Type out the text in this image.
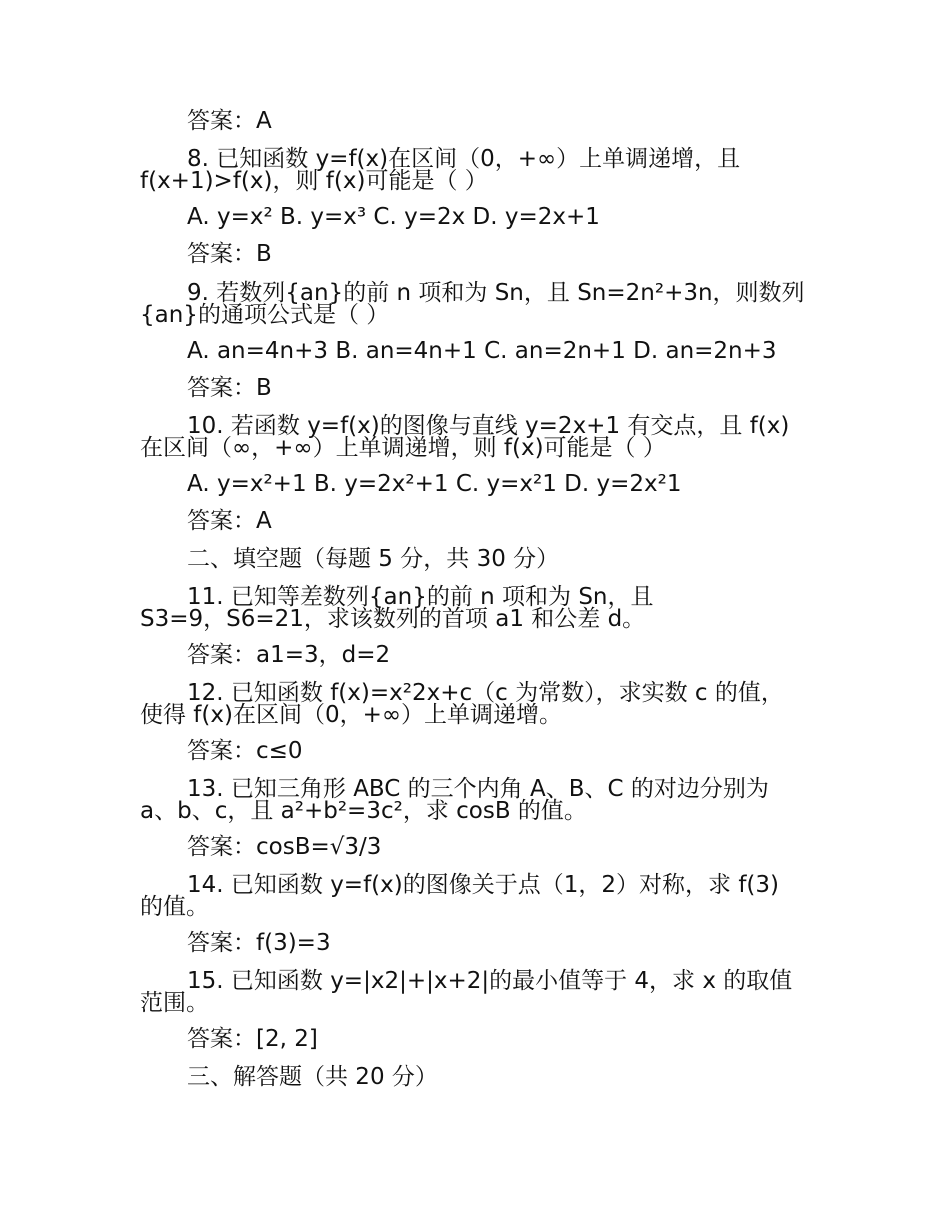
答案：A
8. 已知函数 y=f(x)在区间（0，+∞）上单调递增，且
f(x+1)>f(x)，则 f(x)可能是（ ）
A. y=x² B. y=x³ C. y=2x D. y=2x+1
答案：B
9. 若数列{an}的前 n 项和为 Sn，且 Sn=2n²+3n，则数列
{an}的通项公式是（ ）
A. an=4n+3 B. an=4n+1 C. an=2n+1 D. an=2n+3
答案：B
10. 若函数 y=f(x)的图像与直线 y=2x+1 有交点，且 f(x)
在区间（∞，+∞）上单调递增，则 f(x)可能是（ ）
A. y=x²+1 B. y=2x²+1 C. y=x²1 D. y=2x²1
答案：A
二、填空题（每题 5 分，共 30 分）
11. 已知等差数列{an}的前 n 项和为 Sn，且
S3=9，S6=21，求该数列的首项 a1 和公差 d。
答案：a1=3，d=2
12. 已知函数 f(x)=x²2x+c（c 为常数），求实数 c 的值，
使得 f(x)在区间（0，+∞）上单调递增。
答案：c≤0
13. 已知三角形 ABC 的三个内角 A、B、C 的对边分别为
a、b、c，且 a²+b²=3c²，求 cosB 的值。
答案：cosB=√3/3
14. 已知函数 y=f(x)的图像关于点（1，2）对称，求 f(3)
的值。
答案：f(3)=3
15. 已知函数 y=|x2|+|x+2|的最小值等于 4，求 x 的取值
范围。
答案：[2, 2]
三、解答题（共 20 分）
